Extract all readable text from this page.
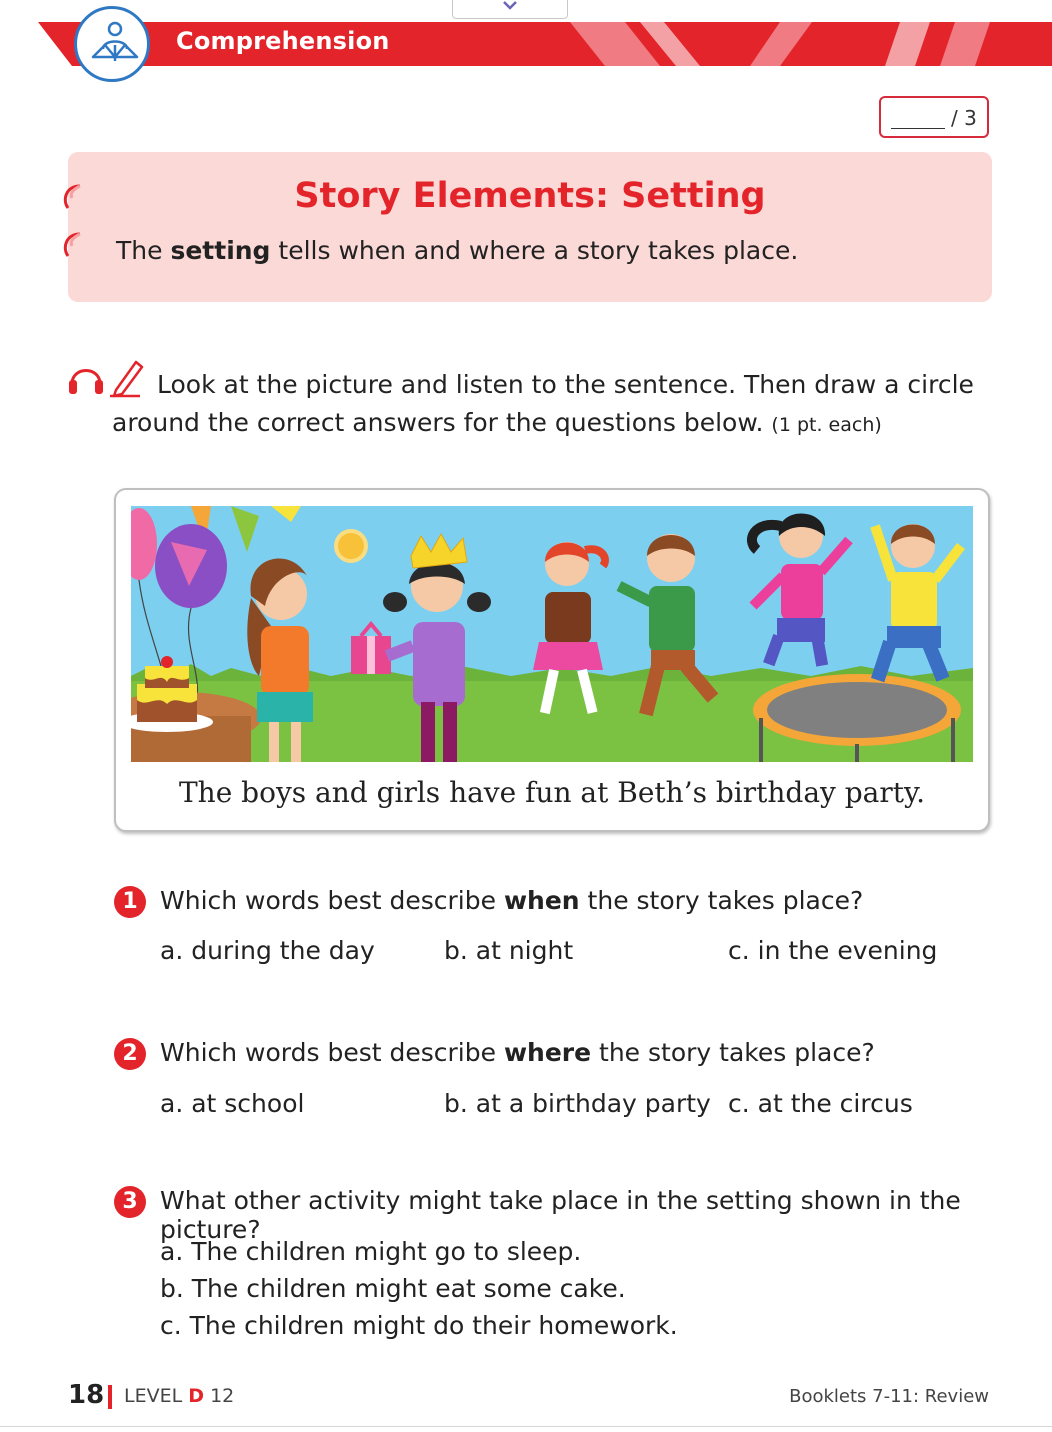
Comprehension
/ 3
Story Elements: Setting
The setting tells when and where a story takes place.
Look at the picture and listen to the sentence. Then draw a circle
around the correct answers for the questions below. (1 pt. each)
The boys and girls have fun at Beth’s birthday party.
1 Which words best describe when the story takes place?
a. during the day	b. at night	c. in the evening
2 Which words best describe where the story takes place?
a. at school	b. at a birthday party c. at the circus
3 What other activity might take place in the setting shown in the picture?
a. The children might go to sleep.
b. The children might eat some cake.
c. The children might do their homework.
18 LEVEL D 12	Booklets 7-11: Review
